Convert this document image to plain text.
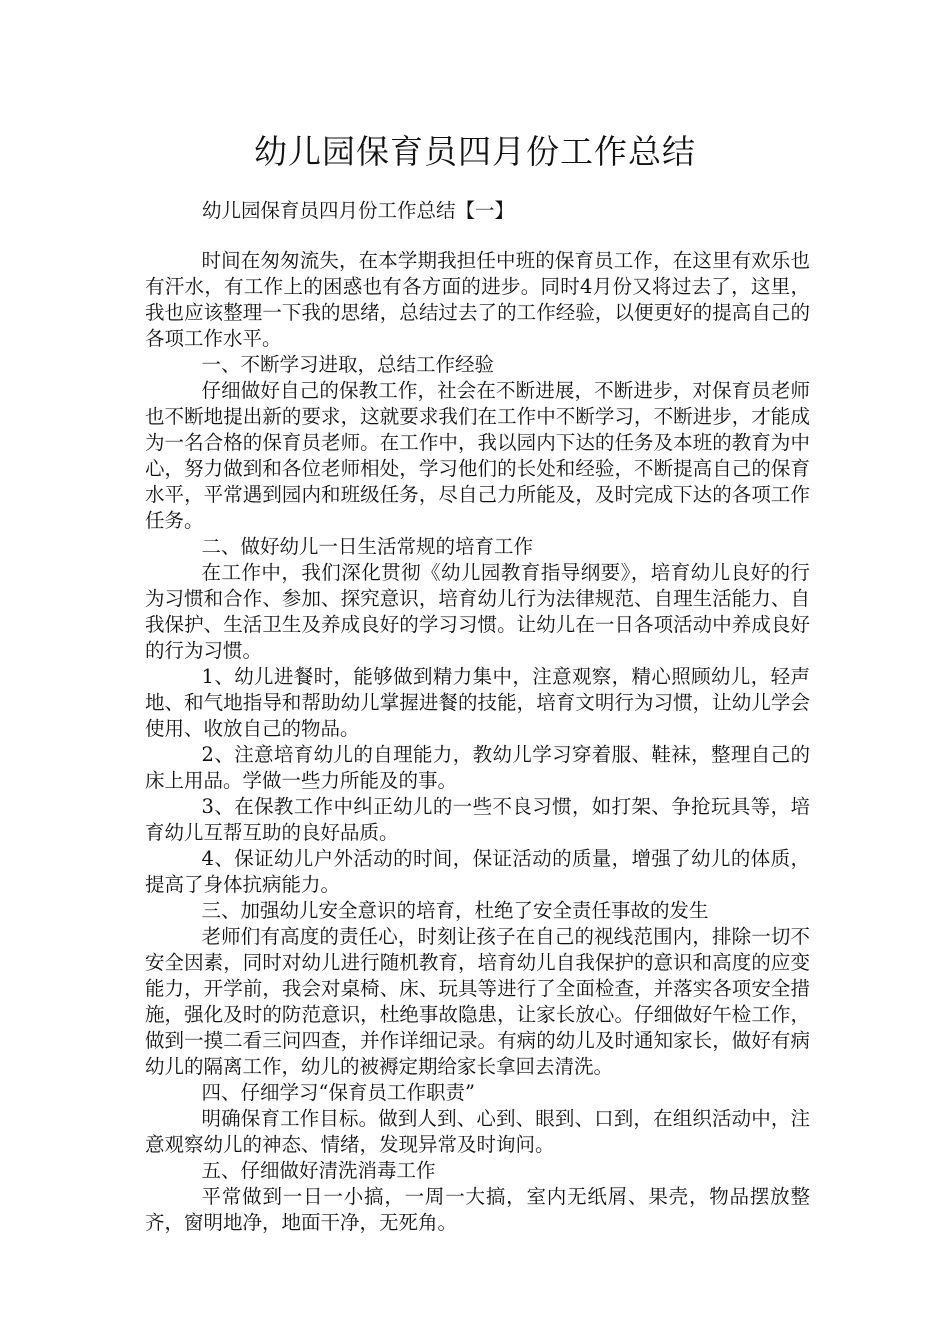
幼儿园保育员四月份工作总结

幼儿园保育员四月份工作总结【一】

时间在匆匆流失，在本学期我担任中班的保育员工作，在这里有欢乐也有汗水，有工作上的困惑也有各方面的进步。同时4月份又将过去了，这里，我也应该整理一下我的思绪，总结过去了的工作经验，以便更好的提高自己的各项工作水平。

一、不断学习进取，总结工作经验

仔细做好自己的保教工作，社会在不断进展，不断进步，对保育员老师也不断地提出新的要求，这就要求我们在工作中不断学习，不断进步，才能成为一名合格的保育员老师。在工作中，我以园内下达的任务及本班的教育为中心，努力做到和各位老师相处，学习他们的长处和经验，不断提高自己的保育水平，平常遇到园内和班级任务，尽自己力所能及，及时完成下达的各项工作任务。

二、做好幼儿一日生活常规的培育工作

在工作中，我们深化贯彻《幼儿园教育指导纲要》，培育幼儿良好的行为习惯和合作、参加、探究意识，培育幼儿行为法律规范、自理生活能力、自我保护、生活卫生及养成良好的学习习惯。让幼儿在一日各项活动中养成良好的行为习惯。

1、幼儿进餐时，能够做到精力集中，注意观察，精心照顾幼儿，轻声地、和气地指导和帮助幼儿掌握进餐的技能，培育文明行为习惯，让幼儿学会使用、收放自己的物品。

2、注意培育幼儿的自理能力，教幼儿学习穿着服、鞋袜，整理自己的床上用品。学做一些力所能及的事。

3、在保教工作中纠正幼儿的一些不良习惯，如打架、争抢玩具等，培育幼儿互帮互助的良好品质。

4、保证幼儿户外活动的时间，保证活动的质量，增强了幼儿的体质，提高了身体抗病能力。

三、加强幼儿安全意识的培育，杜绝了安全责任事故的发生

老师们有高度的责任心，时刻让孩子在自己的视线范围内，排除一切不安全因素，同时对幼儿进行随机教育，培育幼儿自我保护的意识和高度的应变能力，开学前，我会对桌椅、床、玩具等进行了全面检查，并落实各项安全措施，强化及时的防范意识，杜绝事故隐患，让家长放心。仔细做好午检工作，做到一摸二看三问四查，并作详细记录。有病的幼儿及时通知家长，做好有病幼儿的隔离工作，幼儿的被褥定期给家长拿回去清洗。

四、仔细学习“保育员工作职责”

明确保育工作目标。做到人到、心到、眼到、口到，在组织活动中，注意观察幼儿的神态、情绪，发现异常及时询问。

五、仔细做好清洗消毒工作

平常做到一日一小搞，一周一大搞，室内无纸屑、果壳，物品摆放整齐，窗明地净，地面干净，无死角。
